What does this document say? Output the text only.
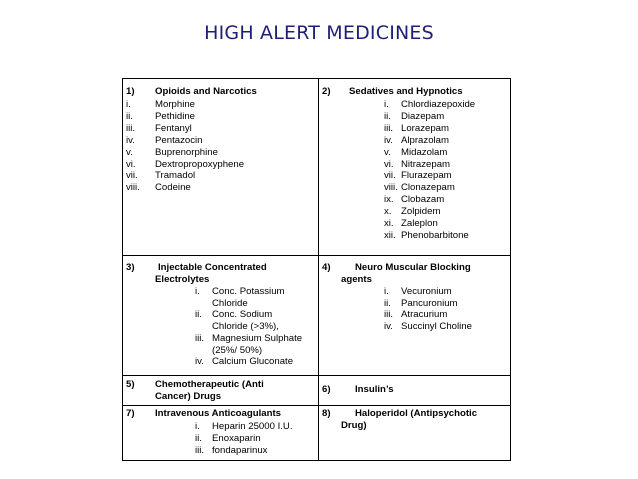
HIGH ALERT MEDICINES
1) Opioids and Narcotics
i.	Morphine
ii. Pethidine
iii. Fentanyl
iv. Pentazocin
v. Buprenorphine
vi. Dextropropoxyphene
vii. Tramadol
viii. Codeine
2) Sedatives and Hypnotics
i. Chlordiazepoxide
ii. Diazepam
iii. Lorazepam
iv. Alprazolam
v. Midazolam
vi. Nitrazepam
vii. Flurazepam
viii. Clonazepam
ix. Clobazam
x. Zolpidem
xi. Zaleplon
xii. Phenobarbitone
3) Injectable Concentrated
Electrolytes
i. Conc. Potassium
Chloride
ii. Conc. Sodium
Chloride (>3%),
iii. Magnesium Sulphate
(25%/ 50%)
iv. Calcium Gluconate
4)	Neuro Muscular Blocking
agents
i. Vecuronium
ii. Pancuronium
iii. Atracurium
iv. Succinyl Choline
5) Chemotherapeutic (Anti
Cancer) Drugs
6)	Insulin’s
7) Intravenous Anticoagulants
i. Heparin 25000 I.U.
ii. Enoxaparin
iii. fondaparinux
8)	Haloperidol (Antipsychotic
Drug)
